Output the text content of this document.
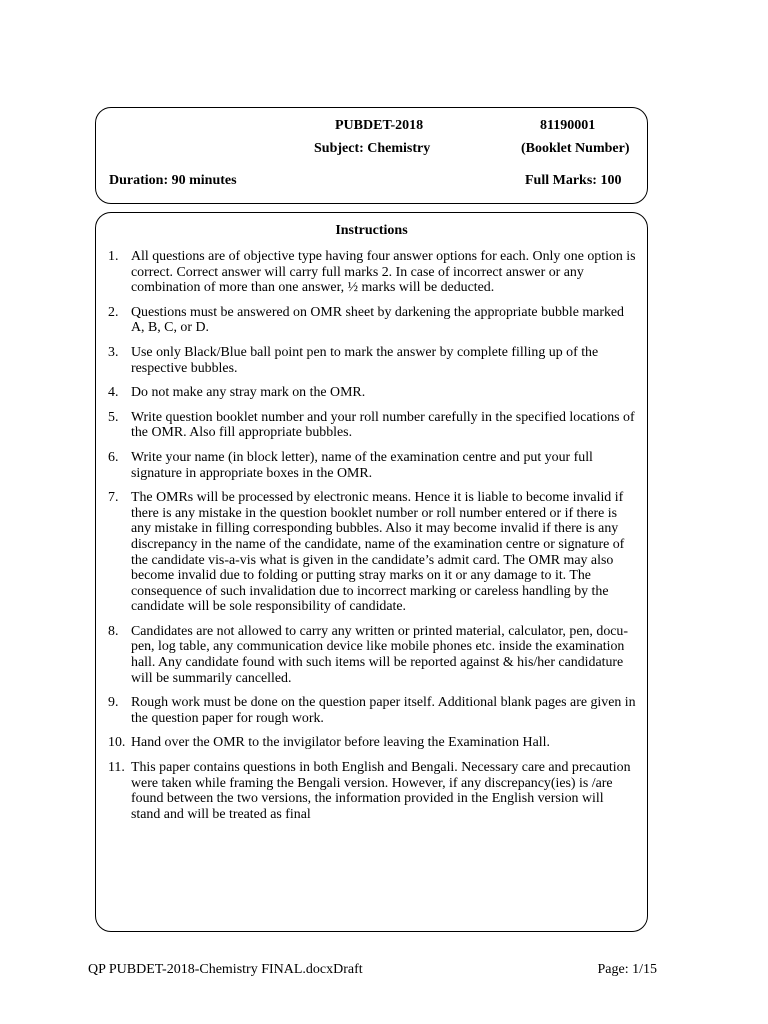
PUBDET-2018	81190001
Subject: Chemistry	(Booklet Number)
Duration: 90 minutes	Full Marks: 100
Instructions
1. All questions are of objective type having four answer options for each. Only one option is correct. Correct answer will carry full marks 2. In case of incorrect answer or any combination of more than one answer, ½ marks will be deducted.
2. Questions must be answered on OMR sheet by darkening the appropriate bubble marked A, B, C, or D.
3. Use only Black/Blue ball point pen to mark the answer by complete filling up of the respective bubbles.
4. Do not make any stray mark on the OMR.
5. Write question booklet number and your roll number carefully in the specified locations of the OMR. Also fill appropriate bubbles.
6. Write your name (in block letter), name of the examination centre and put your full signature in appropriate boxes in the OMR.
7. The OMRs will be processed by electronic means. Hence it is liable to become invalid if there is any mistake in the question booklet number or roll number entered or if there is any mistake in filling corresponding bubbles. Also it may become invalid if there is any discrepancy in the name of the candidate, name of the examination centre or signature of the candidate vis-a-vis what is given in the candidate’s admit card. The OMR may also become invalid due to folding or putting stray marks on it or any damage to it. The consequence of such invalidation due to incorrect marking or careless handling by the candidate will be sole responsibility of candidate.
8. Candidates are not allowed to carry any written or printed material, calculator, pen, docu-pen, log table, any communication device like mobile phones etc. inside the examination hall. Any candidate found with such items will be reported against & his/her candidature will be summarily cancelled.
9. Rough work must be done on the question paper itself. Additional blank pages are given in the question paper for rough work.
10. Hand over the OMR to the invigilator before leaving the Examination Hall.
11. This paper contains questions in both English and Bengali. Necessary care and precaution were taken while framing the Bengali version. However, if any discrepancy(ies) is /are found between the two versions, the information provided in the English version will stand and will be treated as final
QP PUBDET-2018-Chemistry FINAL.docxDraft	Page: 1/15
